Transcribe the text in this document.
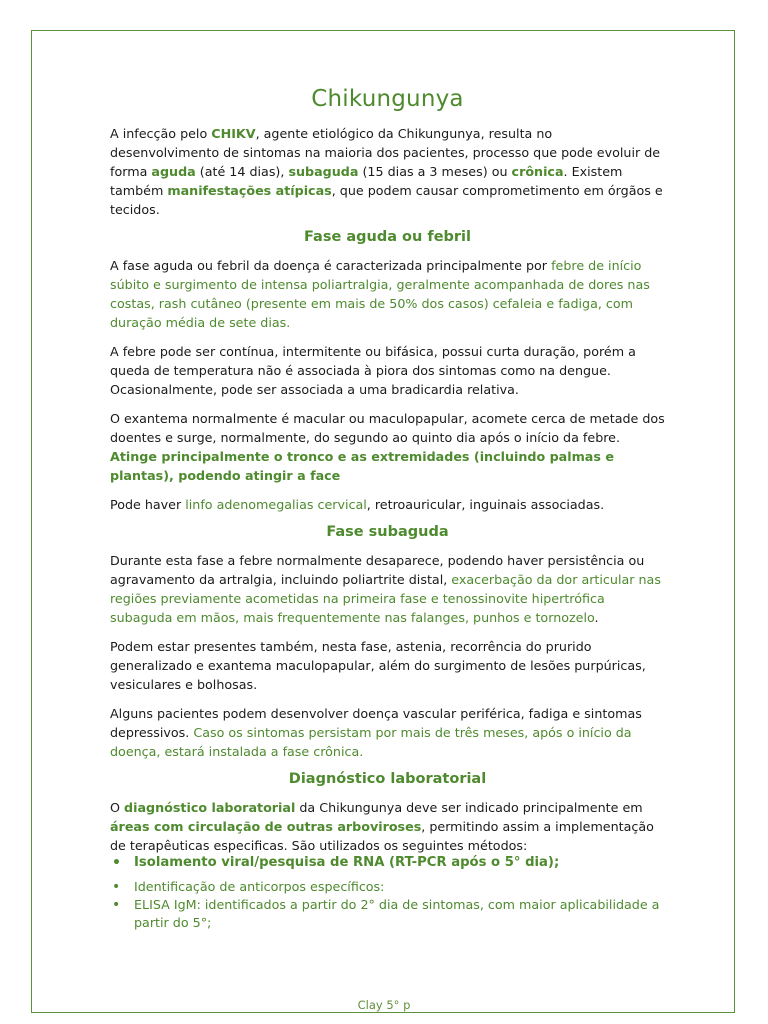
Chikungunya

A infecção pelo CHIKV, agente etiológico da Chikungunya, resulta no desenvolvimento de sintomas na maioria dos pacientes, processo que pode evoluir de forma aguda (até 14 dias), subaguda (15 dias a 3 meses) ou crônica. Existem também manifestações atípicas, que podem causar comprometimento em órgãos e tecidos.

Fase aguda ou febril

A fase aguda ou febril da doença é caracterizada principalmente por febre de início súbito e surgimento de intensa poliartralgia, geralmente acompanhada de dores nas costas, rash cutâneo (presente em mais de 50% dos casos) cefaleia e fadiga, com duração média de sete dias.

A febre pode ser contínua, intermitente ou bifásica, possui curta duração, porém a queda de temperatura não é associada à piora dos sintomas como na dengue. Ocasionalmente, pode ser associada a uma bradicardia relativa.

O exantema normalmente é macular ou maculopapular, acomete cerca de metade dos doentes e surge, normalmente, do segundo ao quinto dia após o início da febre. Atinge principalmente o tronco e as extremidades (incluindo palmas e plantas), podendo atingir a face

Pode haver linfo adenomegalias cervical, retroauricular, inguinais associadas.

Fase subaguda

Durante esta fase a febre normalmente desaparece, podendo haver persistência ou agravamento da artralgia, incluindo poliartrite distal, exacerbação da dor articular nas regiões previamente acometidas na primeira fase e tenossinovite hipertrófica subaguda em mãos, mais frequentemente nas falanges, punhos e tornozelo.

Podem estar presentes também, nesta fase, astenia, recorrência do prurido generalizado e exantema maculopapular, além do surgimento de lesões purpúricas, vesiculares e bolhosas.

Alguns pacientes podem desenvolver doença vascular periférica, fadiga e sintomas depressivos. Caso os sintomas persistam por mais de três meses, após o início da doença, estará instalada a fase crônica.

Diagnóstico laboratorial

O diagnóstico laboratorial da Chikungunya deve ser indicado principalmente em áreas com circulação de outras arboviroses, permitindo assim a implementação de terapêuticas especificas. São utilizados os seguintes métodos:

• Isolamento viral/pesquisa de RNA (RT-PCR após o 5° dia);
• Identificação de anticorpos específicos:
• ELISA IgM: identificados a partir do 2° dia de sintomas, com maior aplicabilidade a partir do 5°;
Clay 5° p
